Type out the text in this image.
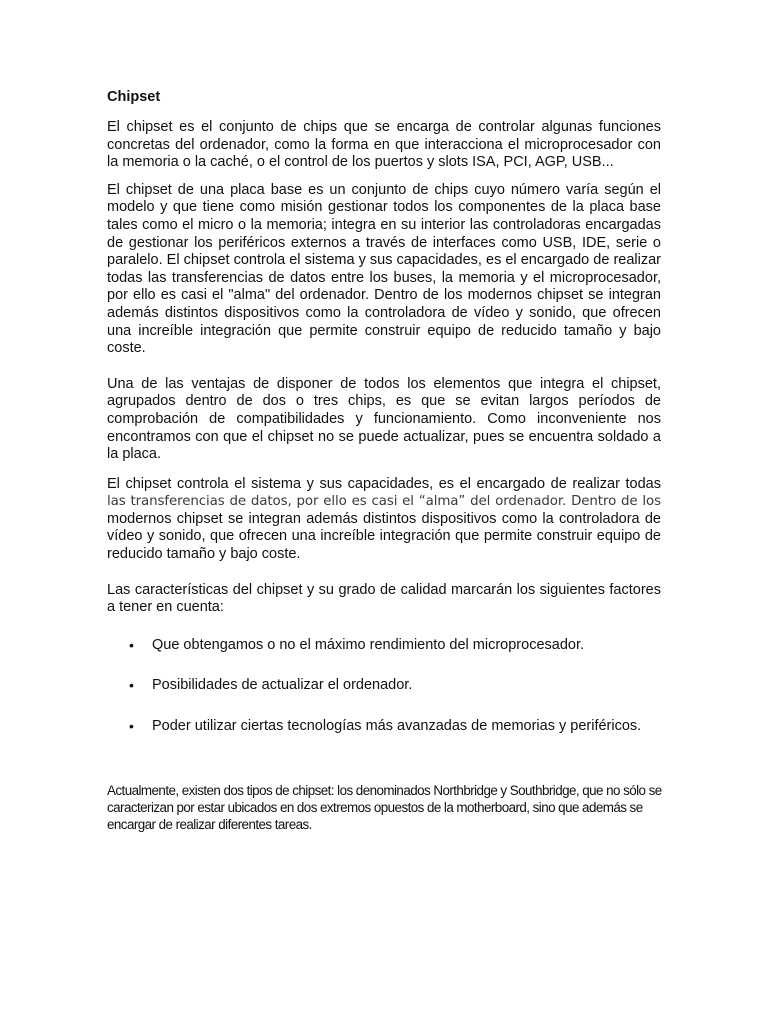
Chipset

El chipset es el conjunto de chips que se encarga de controlar algunas funciones concretas del ordenador, como la forma en que interacciona el microprocesador con la memoria o la caché, o el control de los puertos y slots ISA, PCI, AGP, USB...

El chipset de una placa base es un conjunto de chips cuyo número varía según el modelo y que tiene como misión gestionar todos los componentes de la placa base tales como el micro o la memoria; integra en su interior las controladoras encargadas de gestionar los periféricos externos a través de interfaces como USB, IDE, serie o paralelo. El chipset controla el sistema y sus capacidades, es el encargado de realizar todas las transferencias de datos entre los buses, la memoria y el microprocesador, por ello es casi el "alma" del ordenador. Dentro de los modernos chipset se integran además distintos dispositivos como la controladora de vídeo y sonido, que ofrecen una increíble integración que permite construir equipo de reducido tamaño y bajo coste.

Una de las ventajas de disponer de todos los elementos que integra el chipset, agrupados dentro de dos o tres chips, es que se evitan largos períodos de comprobación de compatibilidades y funcionamiento. Como inconveniente nos encontramos con que el chipset no se puede actualizar, pues se encuentra soldado a la placa.

El chipset controla el sistema y sus capacidades, es el encargado de realizar todas las transferencias de datos, por ello es casi el “alma” del ordenador. Dentro de los modernos chipset se integran además distintos dispositivos como la controladora de vídeo y sonido, que ofrecen una increíble integración que permite construir equipo de reducido tamaño y bajo coste.

Las características del chipset y su grado de calidad marcarán los siguientes factores a tener en cuenta:

• Que obtengamos o no el máximo rendimiento del microprocesador.
• Posibilidades de actualizar el ordenador.
• Poder utilizar ciertas tecnologías más avanzadas de memorias y periféricos.

Actualmente, existen dos tipos de chipset: los denominados Northbridge y Southbridge, que no sólo se caracterizan por estar ubicados en dos extremos opuestos de la motherboard, sino que además se encargar de realizar diferentes tareas.
